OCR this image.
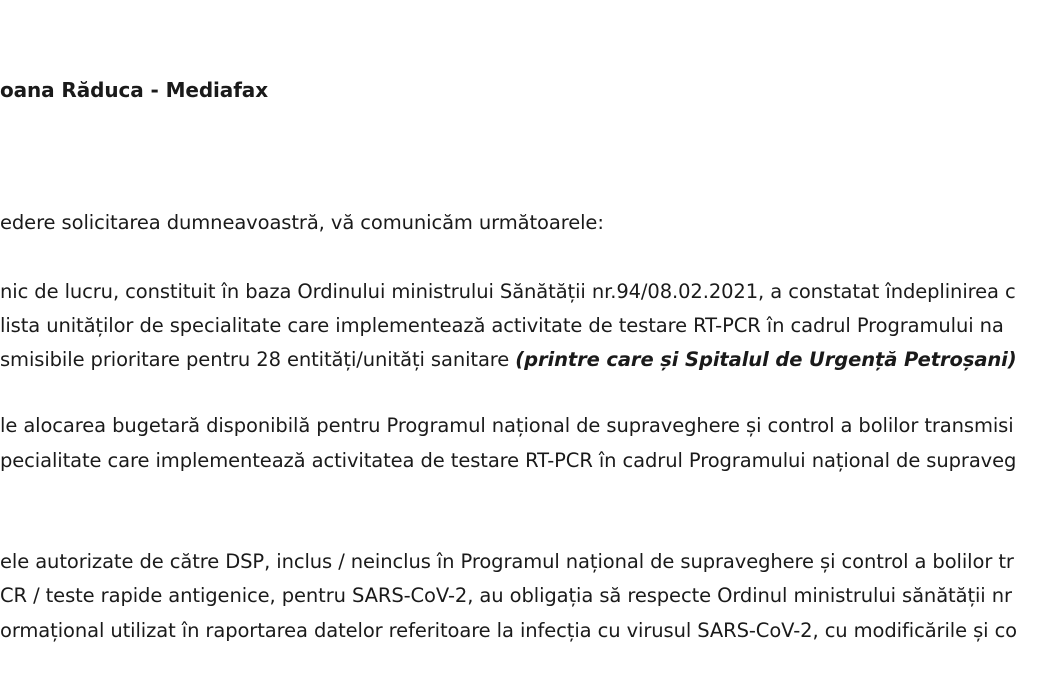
oana Răduca - Mediafax
edere solicitarea dumneavoastră, vă comunicăm următoarele:
nic de lucru, constituit în baza Ordinului ministrului Sănătății nr.94/08.02.2021, a constatat îndeplinirea c
lista unităților de specialitate care implementează activitate de testare RT-PCR în cadrul Programului na
smisibile prioritare pentru 28 entități/unități sanitare (printre care și Spitalul de Urgență Petroșani)
le alocarea bugetară disponibilă pentru Programul național de supraveghere și control a bolilor transmisi
pecialitate care implementează activitatea de testare RT-PCR în cadrul Programului național de supraveg
ele autorizate de către DSP, inclus / neinclus în Programul național de supraveghere și control a bolilor tr
CR / teste rapide antigenice, pentru SARS-CoV-2, au obligația să respecte Ordinul ministrului sănătății nr
ormațional utilizat în raportarea datelor referitoare la infecția cu virusul SARS-CoV-2, cu modificările și co
